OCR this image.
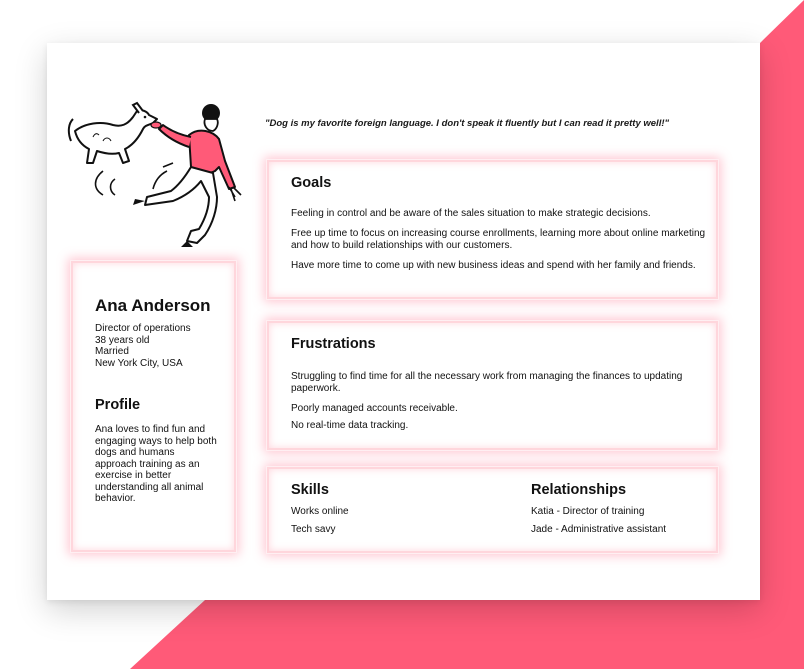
"Dog is my favorite foreign language. I don't speak it fluently but I can read it pretty well!"
Ana Anderson
Director of operations
38 years old
Married
New York City, USA
Profile
Ana loves to find fun and engaging ways to help both dogs and humans approach training as an exercise in better understanding all animal behavior.
Goals
Feeling in control and be aware of the sales situation to make strategic decisions.
Free up time to focus on increasing course enrollments, learning more about online marketing and how to build relationships with our customers.
Have more time to come up with new business ideas and spend with her family and friends.
Frustrations
Struggling to find time for all the necessary work from managing the finances to updating paperwork.
Poorly managed accounts receivable.
No real-time data tracking.
Skills
Works online
Tech savy
Relationships
Katia - Director of training
Jade - Administrative assistant
